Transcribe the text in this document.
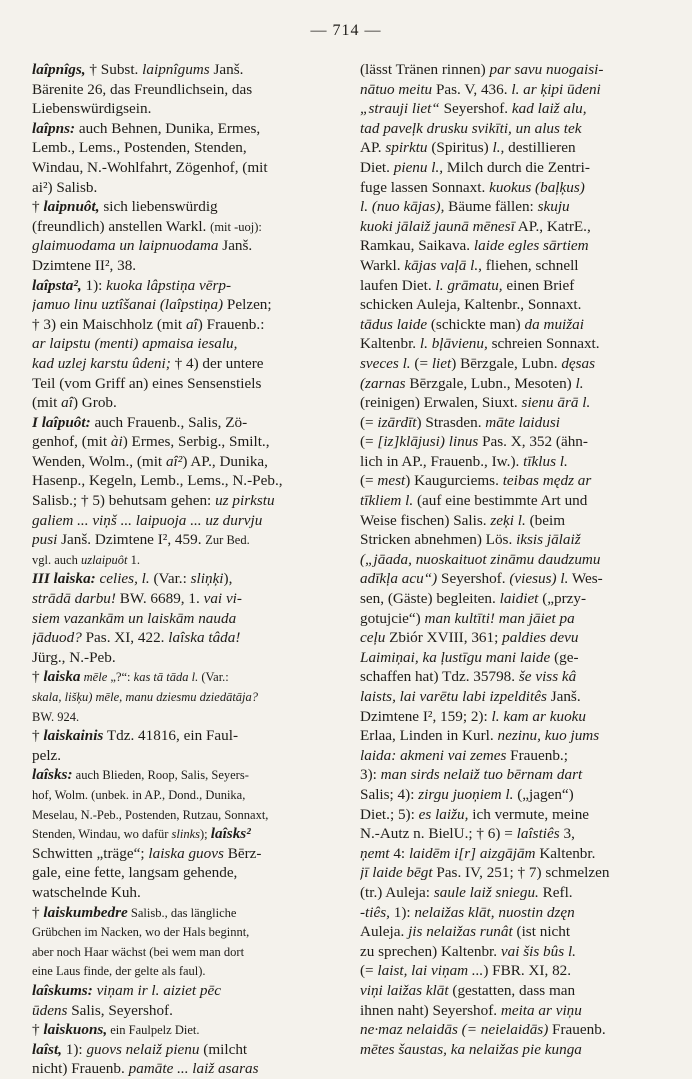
— 714 —
laîpnîgs, † Subst. laipnîgums Janš.
Bärenite 26, das Freundlichsein, das
Liebenswürdigsein.
laîpns: auch Behnen, Dunika, Ermes,
Lemb., Lems., Postenden, Stenden,
Windau, N.-Wohlfahrt, Zögenhof, (mit
ai²) Salisb.
† laipnuôt, sich liebenswürdig
(freundlich) anstellen Warkl. (mit -uoj):
glaimuodama un laipnuodama Janš.
Dzimtene II², 38.
laîpsta², 1): kuoka lâpstiņa vērp-
jamuo linu uztîšanai (laîpstiņa) Pelzen;
† 3) ein Maischholz (mit aî) Frauenb.:
ar laipstu (menti) apmaisa iesalu,
kad uzlej karstu ûdeni; † 4) der untere
Teil (vom Griff an) eines Sensenstiels
(mit aî) Grob.
I laîpuôt: auch Frauenb., Salis, Zö-
genhof, (mit ài) Ermes, Serbig., Smilt.,
Wenden, Wolm., (mit aî²) AP., Dunika,
Hasenp., Kegeln, Lemb., Lems., N.-Peb.,
Salisb.; † 5) behutsam gehen: uz pirkstu
galiem ... viņš ... laipuoja ... uz durvju
pusi Janš. Dzimtene I², 459. Zur Bed.
vgl. auch uzlaipuôt 1.
III laiska: celies, l. (Var.: sliņķi),
strādā darbu! BW. 6689, 1. vai vi-
siem vazankām un laiskām nauda
jāduod? Pas. XI, 422. laîska tâda!
Jürg., N.-Peb.
† laiska mēle „?“: kas tā tāda l. (Var.:
skala, lišķu) mēle, manu dziesmu dziedātāja?
BW. 924.
† laiskainis Tdz. 41816, ein Faul-
pelz.
laîsks: auch Blieden, Roop, Salis, Seyers-
hof, Wolm. (unbek. in AP., Dond., Dunika,
Meselau, N.-Peb., Postenden, Rutzau, Sonnaxt,
Stenden, Windau, wo dafür slinks); laîsks²
Schwitten „träge“; laiska guovs Bērz-
gale, eine fette, langsam gehende,
watschelnde Kuh.
† laiskumbedre Salisb., das längliche
Grübchen im Nacken, wo der Hals beginnt,
aber noch Haar wächst (bei wem man dort
eine Laus finde, der gelte als faul).
laîskums: viņam ir l. aiziet pēc
ūdens Salis, Seyershof.
† laiskuons, ein Faulpelz Diet.
laîst, 1): guovs nelaiž pienu (milcht
nicht) Frauenb. pamāte ... laiž asaras
(lässt Tränen rinnen) par savu nuogaisi-
nātuo meitu Pas. V, 436. l. ar ķipi ūdeni
„strauji liet“ Seyershof. kad laiž alu,
tad paveļk drusku svikīti, un alus tek
AP. spirktu (Spiritus) l., destillieren
Diet. pienu l., Milch durch die Zentri-
fuge lassen Sonnaxt. kuokus (baļķus)
l. (nuo kājas), Bäume fällen: skuju
kuoki jālaiž jaunā mēnesī AP., KatrE.,
Ramkau, Saikava. laide egles sārtiem
Warkl. kājas vaļā l., fliehen, schnell
laufen Diet. l. grāmatu, einen Brief
schicken Auleja, Kaltenbr., Sonnaxt.
tādus laide (schickte man) da muižai
Kaltenbr. l. bļāvienu, schreien Sonnaxt.
sveces l. (= liet) Bērzgale, Lubn. dęsas
(zarnas Bērzgale, Lubn., Mesoten) l.
(reinigen) Erwalen, Siuxt. sienu ārā l.
(= izārdīt) Strasden. māte laidusi
(= [iz]klājusi) linus Pas. X, 352 (ähn-
lich in AP., Frauenb., Iw.). tīklus l.
(= mest) Kaugurciems. teibas mędz ar
tīkliem l. (auf eine bestimmte Art und
Weise fischen) Salis. zeķi l. (beim
Stricken abnehmen) Lös. iksis jālaiž
(„jāada, nuoskaituot zināmu daudzumu
adīkļa acu“) Seyershof. (viesus) l. Wes-
sen, (Gäste) begleiten. laidiet („przy-
gotujcie“) man kultīti! man jāiet pa
ceļu Zbiór XVIII, 361; paldies devu
Laimiņai, ka ļustīgu mani laide (ge-
schaffen hat) Tdz. 35798. še viss kâ
laists, lai varētu labi izpelditês Janš.
Dzimtene I², 159; 2): l. kam ar kuoku
Erlaa, Linden in Kurl. nezinu, kuo jums
laida: akmeni vai zemes Frauenb.;
3): man sirds nelaiž tuo bērnam dart
Salis; 4): zirgu juoņiem l. („jagen“)
Diet.; 5): es laižu, ich vermute, meine
N.-Autz n. BielU.; † 6) = laîstiês 3,
ņemt 4: laidēm i[r] aizgājām Kaltenbr.
jī laide bēgt Pas. IV, 251; † 7) schmelzen
(tr.) Auleja: saule laiž sniegu. Refl.
-tiês, 1): nelaižas klāt, nuostin dzęn
Auleja. jis nelaižas runât (ist nicht
zu sprechen) Kaltenbr. vai šis bûs l.
(= laist, lai viņam ...) FBR. XI, 82.
viņi laižas klāt (gestatten, dass man
ihnen naht) Seyershof. meita ar viņu
ne·maz nelaidās (= neielaidās) Frauenb.
mētes šaustas, ka nelaižas pie kunga
